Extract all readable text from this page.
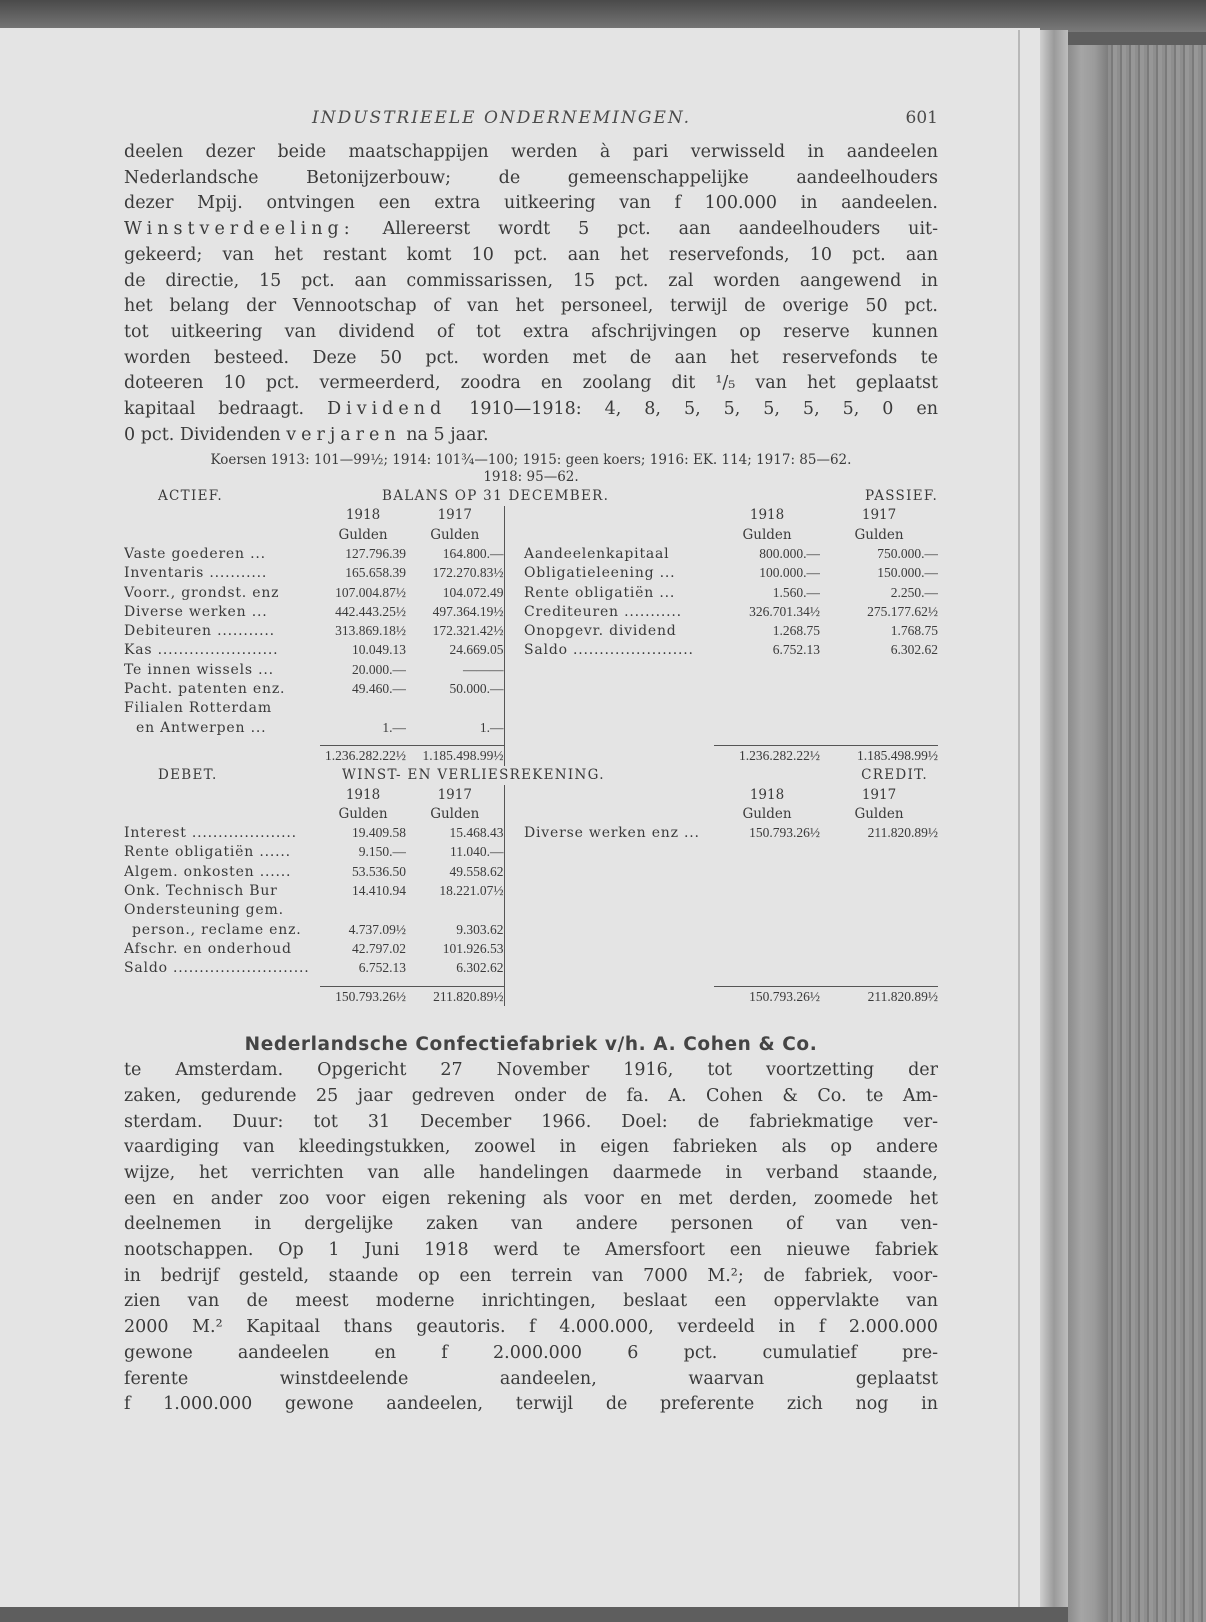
INDUSTRIEELE ONDERNEMINGEN.	601

deelen dezer beide maatschappijen werden à pari verwisseld in aandeelen

Nederlandsche Betonijzerbouw; de gemeenschappelijke aandeelhouders

dezer Mpij. ontvingen een extra uitkeering van f 100.000 in aandeelen.

Winstverdeeling: Allereerst wordt 5 pct. aan aandeelhouders uit-

gekeerd; van het restant komt 10 pct. aan het reservefonds, 10 pct. aan

de directie, 15 pct. aan commissarissen, 15 pct. zal worden aangewend in

het belang der Vennootschap of van het personeel, terwijl de overige 50 pct.

tot uitkeering van dividend of tot extra afschrijvingen op reserve kunnen

worden besteed. Deze 50 pct. worden met de aan het reservefonds te

doteeren 10 pct. vermeerderd, zoodra en zoolang dit ¹/₅ van het geplaatst

kapitaal bedraagt. Dividend 1910—1918: 4, 8, 5, 5, 5, 5, 5, 0 en

0 pct. Dividenden verjaren na 5 jaar.

Koersen 1913: 101—99½; 1914: 101¾—100; 1915: geen koers; 1916: EK. 114; 1917: 85—62.
1918: 95—62.
ACTIEF.	BALANS OP 31 DECEMBER.					PASSIEF.
	1918	1917			1918	1917
	Gulden	Gulden			Gulden	Gulden
Vaste goederen ...	127.796.39	164.800.—		Aandeelenkapitaal	800.000.—	750.000.—
Inventaris ...........	165.658.39	172.270.83½		Obligatieleening ...	100.000.—	150.000.—
Voorr., grondst. enz	107.004.87½	104.072.49		Rente obligatiën ...	1.560.—	2.250.—
Diverse werken ...	442.443.25½	497.364.19½		Crediteuren ...........	326.701.34½	275.177.62½
Debiteuren ...........	313.869.18½	172.321.42½		Onopgevr. dividend	1.268.75	1.768.75
Kas .......................	10.049.13	24.669.05		Saldo .......................	6.752.13	6.302.62
Te innen wissels ...	20.000.—	———				
Pacht. patenten enz.	49.460.—	50.000.—				
Filialen Rotterdam						
en Antwerpen ...	1.—	1.—				

	1.236.282.22½	1.185.498.99½			1.236.282.22½	1.185.498.99½
DEBET.	WINST- EN VERLIESREKENING.					CREDIT.
	1918	1917			1918	1917
	Gulden	Gulden			Gulden	Gulden
Interest ....................	19.409.58	15.468.43		Diverse werken enz ...	150.793.26½	211.820.89½
Rente obligatiën ......	9.150.—	11.040.—				
Algem. onkosten ......	53.536.50	49.558.62				
Onk. Technisch Bur	14.410.94	18.221.07½				
Ondersteuning gem.						
person., reclame enz.	4.737.09½	9.303.62				
Afschr. en onderhoud	42.797.02	101.926.53				
Saldo ..........................	6.752.13	6.302.62				

	150.793.26½	211.820.89½			150.793.26½	211.820.89½
Nederlandsche Confectiefabriek v/h. A. Cohen & Co.

te Amsterdam. Opgericht 27 November 1916, tot voortzetting der

zaken, gedurende 25 jaar gedreven onder de fa. A. Cohen & Co. te Am-

sterdam. Duur: tot 31 December 1966. Doel: de fabriekmatige ver-

vaardiging van kleedingstukken, zoowel in eigen fabrieken als op andere

wijze, het verrichten van alle handelingen daarmede in verband staande,

een en ander zoo voor eigen rekening als voor en met derden, zoomede het

deelnemen in dergelijke zaken van andere personen of van ven-

nootschappen. Op 1 Juni 1918 werd te Amersfoort een nieuwe fabriek

in bedrijf gesteld, staande op een terrein van 7000 M.²; de fabriek, voor-

zien van de meest moderne inrichtingen, beslaat een oppervlakte van

2000 M.² Kapitaal thans geautoris. f 4.000.000, verdeeld in f 2.000.000

gewone aandeelen en f 2.000.000 6 pct. cumulatief pre-

ferente winstdeelende aandeelen, waarvan geplaatst

f 1.000.000 gewone aandeelen, terwijl de preferente zich nog in
